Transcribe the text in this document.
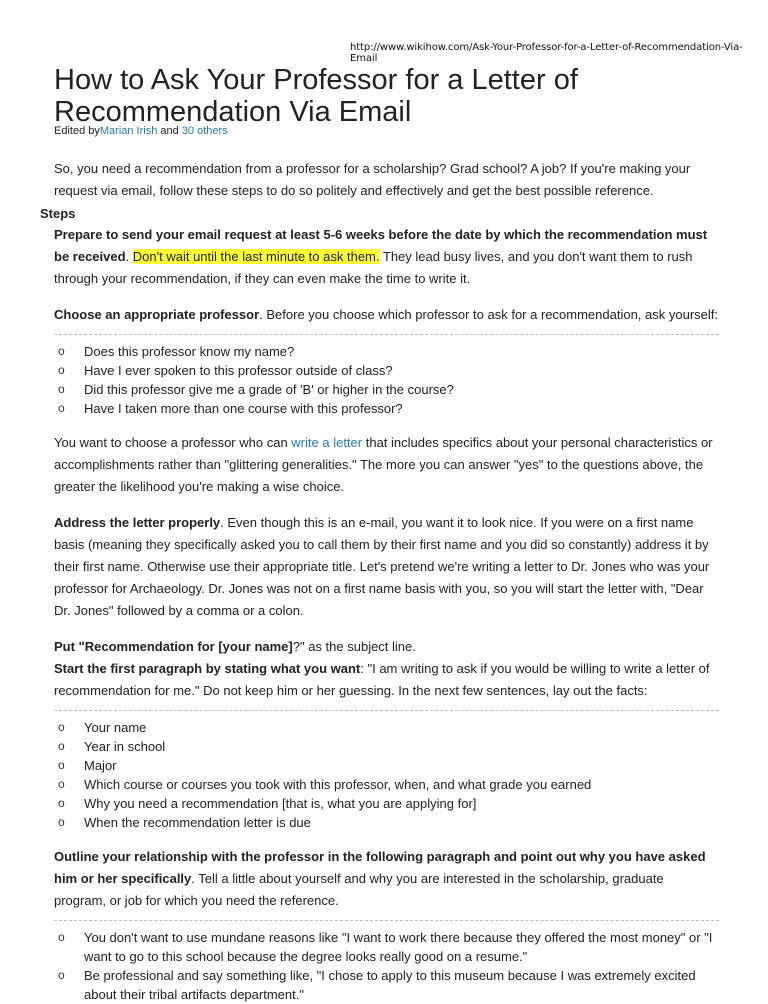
http://www.wikihow.com/Ask-Your-Professor-for-a-Letter-of-Recommendation-Via-Email
How to Ask Your Professor for a Letter of Recommendation Via Email
Edited byMarian Irish and 30 others

So, you need a recommendation from a professor for a scholarship? Grad school? A job? If you're making your request via email, follow these steps to do so politely and effectively and get the best possible reference.

Steps

Prepare to send your email request at least 5-6 weeks before the date by which the recommendation must be received. Don't wait until the last minute to ask them. They lead busy lives, and you don't want them to rush through your recommendation, if they can even make the time to write it.

Choose an appropriate professor. Before you choose which professor to ask for a recommendation, ask yourself:

o Does this professor know my name?
o Have I ever spoken to this professor outside of class?
o Did this professor give me a grade of 'B' or higher in the course?
o Have I taken more than one course with this professor?

You want to choose a professor who can write a letter that includes specifics about your personal characteristics or accomplishments rather than "glittering generalities." The more you can answer "yes" to the questions above, the greater the likelihood you're making a wise choice.

Address the letter properly. Even though this is an e-mail, you want it to look nice. If you were on a first name basis (meaning they specifically asked you to call them by their first name and you did so constantly) address it by their first name. Otherwise use their appropriate title. Let's pretend we're writing a letter to Dr. Jones who was your professor for Archaeology. Dr. Jones was not on a first name basis with you, so you will start the letter with, "Dear Dr. Jones" followed by a comma or a colon.

Put "Recommendation for [your name]?" as the subject line.

Start the first paragraph by stating what you want: "I am writing to ask if you would be willing to write a letter of recommendation for me." Do not keep him or her guessing. In the next few sentences, lay out the facts:

o Your name
o Year in school
o Major
o Which course or courses you took with this professor, when, and what grade you earned
o Why you need a recommendation [that is, what you are applying for]
o When the recommendation letter is due

Outline your relationship with the professor in the following paragraph and point out why you have asked him or her specifically. Tell a little about yourself and why you are interested in the scholarship, graduate program, or job for which you need the reference.

o You don't want to use mundane reasons like "I want to work there because they offered the most money" or "I want to go to this school because the degree looks really good on a resume."
o Be professional and say something like, "I chose to apply to this museum because I was extremely excited about their tribal artifacts department."
